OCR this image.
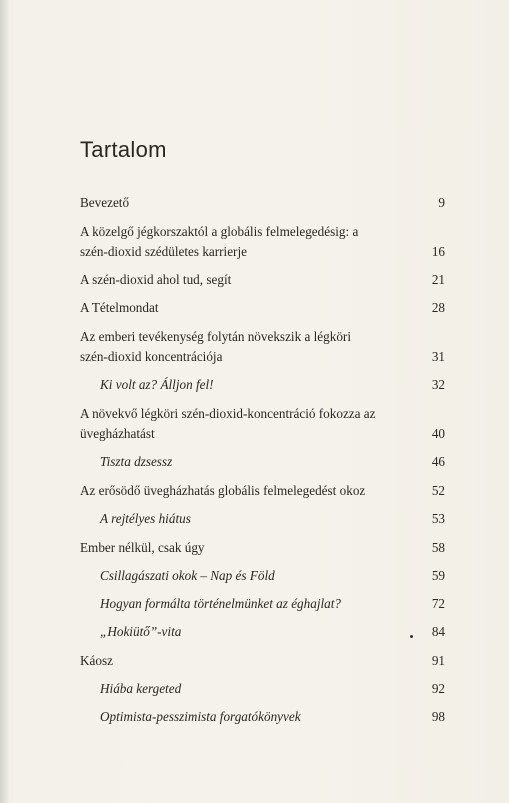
Tartalom
Bevezető	9
A közelgő jégkorszaktól a globális felmelegedésig: a szén-dioxid szédületes karrierje	16
A szén-dioxid ahol tud, segít	21
A Tételmondat	28
Az emberi tevékenység folytán növekszik a légköri szén-dioxid koncentrációja	31
Ki volt az? Álljon fel!	32
A növekvő légköri szén-dioxid-koncentráció fokozza az üvegházhatást	40
Tiszta dzsessz	46
Az erősödő üvegházhatás globális felmelegedést okoz	52
A rejtélyes hiátus	53
Ember nélkül, csak úgy	58
Csillagászati okok – Nap és Föld	59
Hogyan formálta történelmünket az éghajlat?	72
„Hokiütő”-vita	84
Káosz	91
Hiába kergeted	92
Optimista-pesszimista forgatókönyvek	98
